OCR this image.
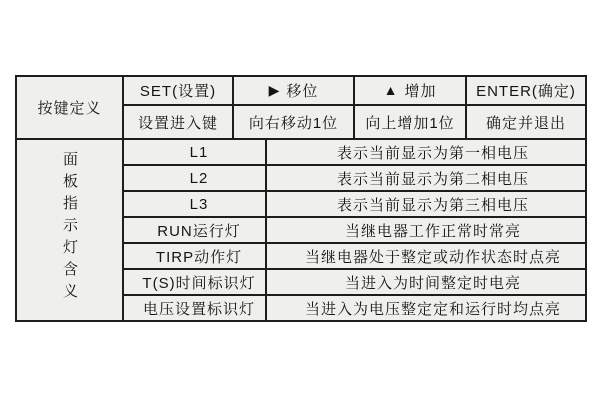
按键定义	SET(设置)	▶ 移位		▲ 增加	ENTER(确定)
	设置进入键	向右移动1位		向上增加1位	确定并退出
面板指示灯含义	L1		表示当前显示为第一相电压		
	L2		表示当前显示为第二相电压		
	L3		表示当前显示为第三相电压		
	RUN运行灯		当继电器工作正常时常亮		
	TIRP动作灯		当继电器处于整定或动作状态时点亮		
	T(S)时间标识灯		当进入为时间整定时电亮		
	电压设置标识灯		当进入为电压整定定和运行时均点亮		
